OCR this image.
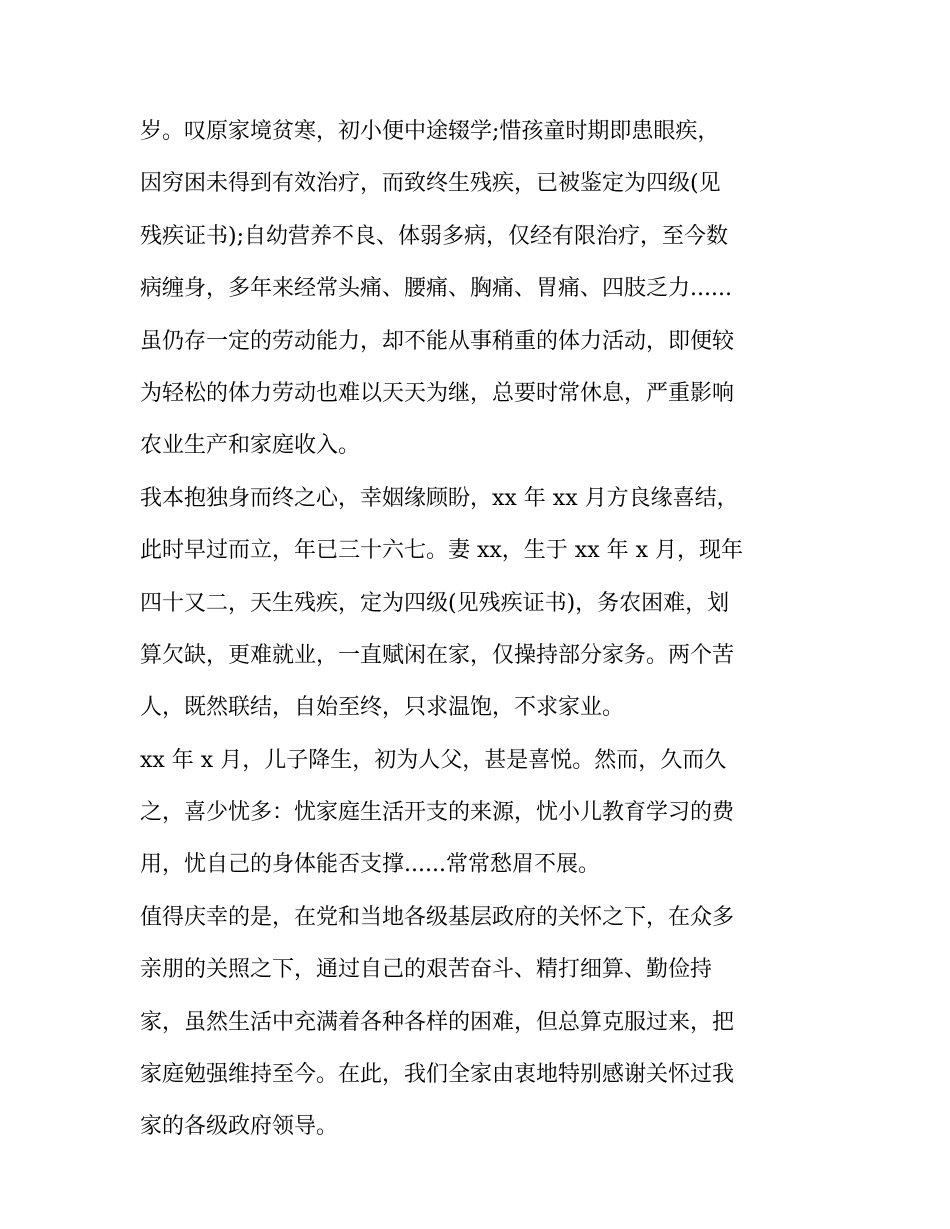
岁。叹原家境贫寒，初小便中途辍学;惜孩童时期即患眼疾，
因穷困未得到有效治疗，而致终生残疾，已被鉴定为四级(见
残疾证书);自幼营养不良、体弱多病，仅经有限治疗，至今数
病缠身，多年来经常头痛、腰痛、胸痛、胃痛、四肢乏力......
虽仍存一定的劳动能力，却不能从事稍重的体力活动，即便较
为轻松的体力劳动也难以天天为继，总要时常休息，严重影响
农业生产和家庭收入。
我本抱独身而终之心，幸姻缘顾盼，xx 年 xx 月方良缘喜结，
此时早过而立，年已三十六七。妻 xx，生于 xx 年 x 月，现年
四十又二，天生残疾，定为四级(见残疾证书)，务农困难，划
算欠缺，更难就业，一直赋闲在家，仅操持部分家务。两个苦
人，既然联结，自始至终，只求温饱，不求家业。
xx 年 x 月，儿子降生，初为人父，甚是喜悦。然而，久而久
之，喜少忧多：忧家庭生活开支的来源，忧小儿教育学习的费
用，忧自己的身体能否支撑......常常愁眉不展。
值得庆幸的是，在党和当地各级基层政府的关怀之下，在众多
亲朋的关照之下，通过自己的艰苦奋斗、精打细算、勤俭持
家，虽然生活中充满着各种各样的困难，但总算克服过来，把
家庭勉强维持至今。在此，我们全家由衷地特别感谢关怀过我
家的各级政府领导。
